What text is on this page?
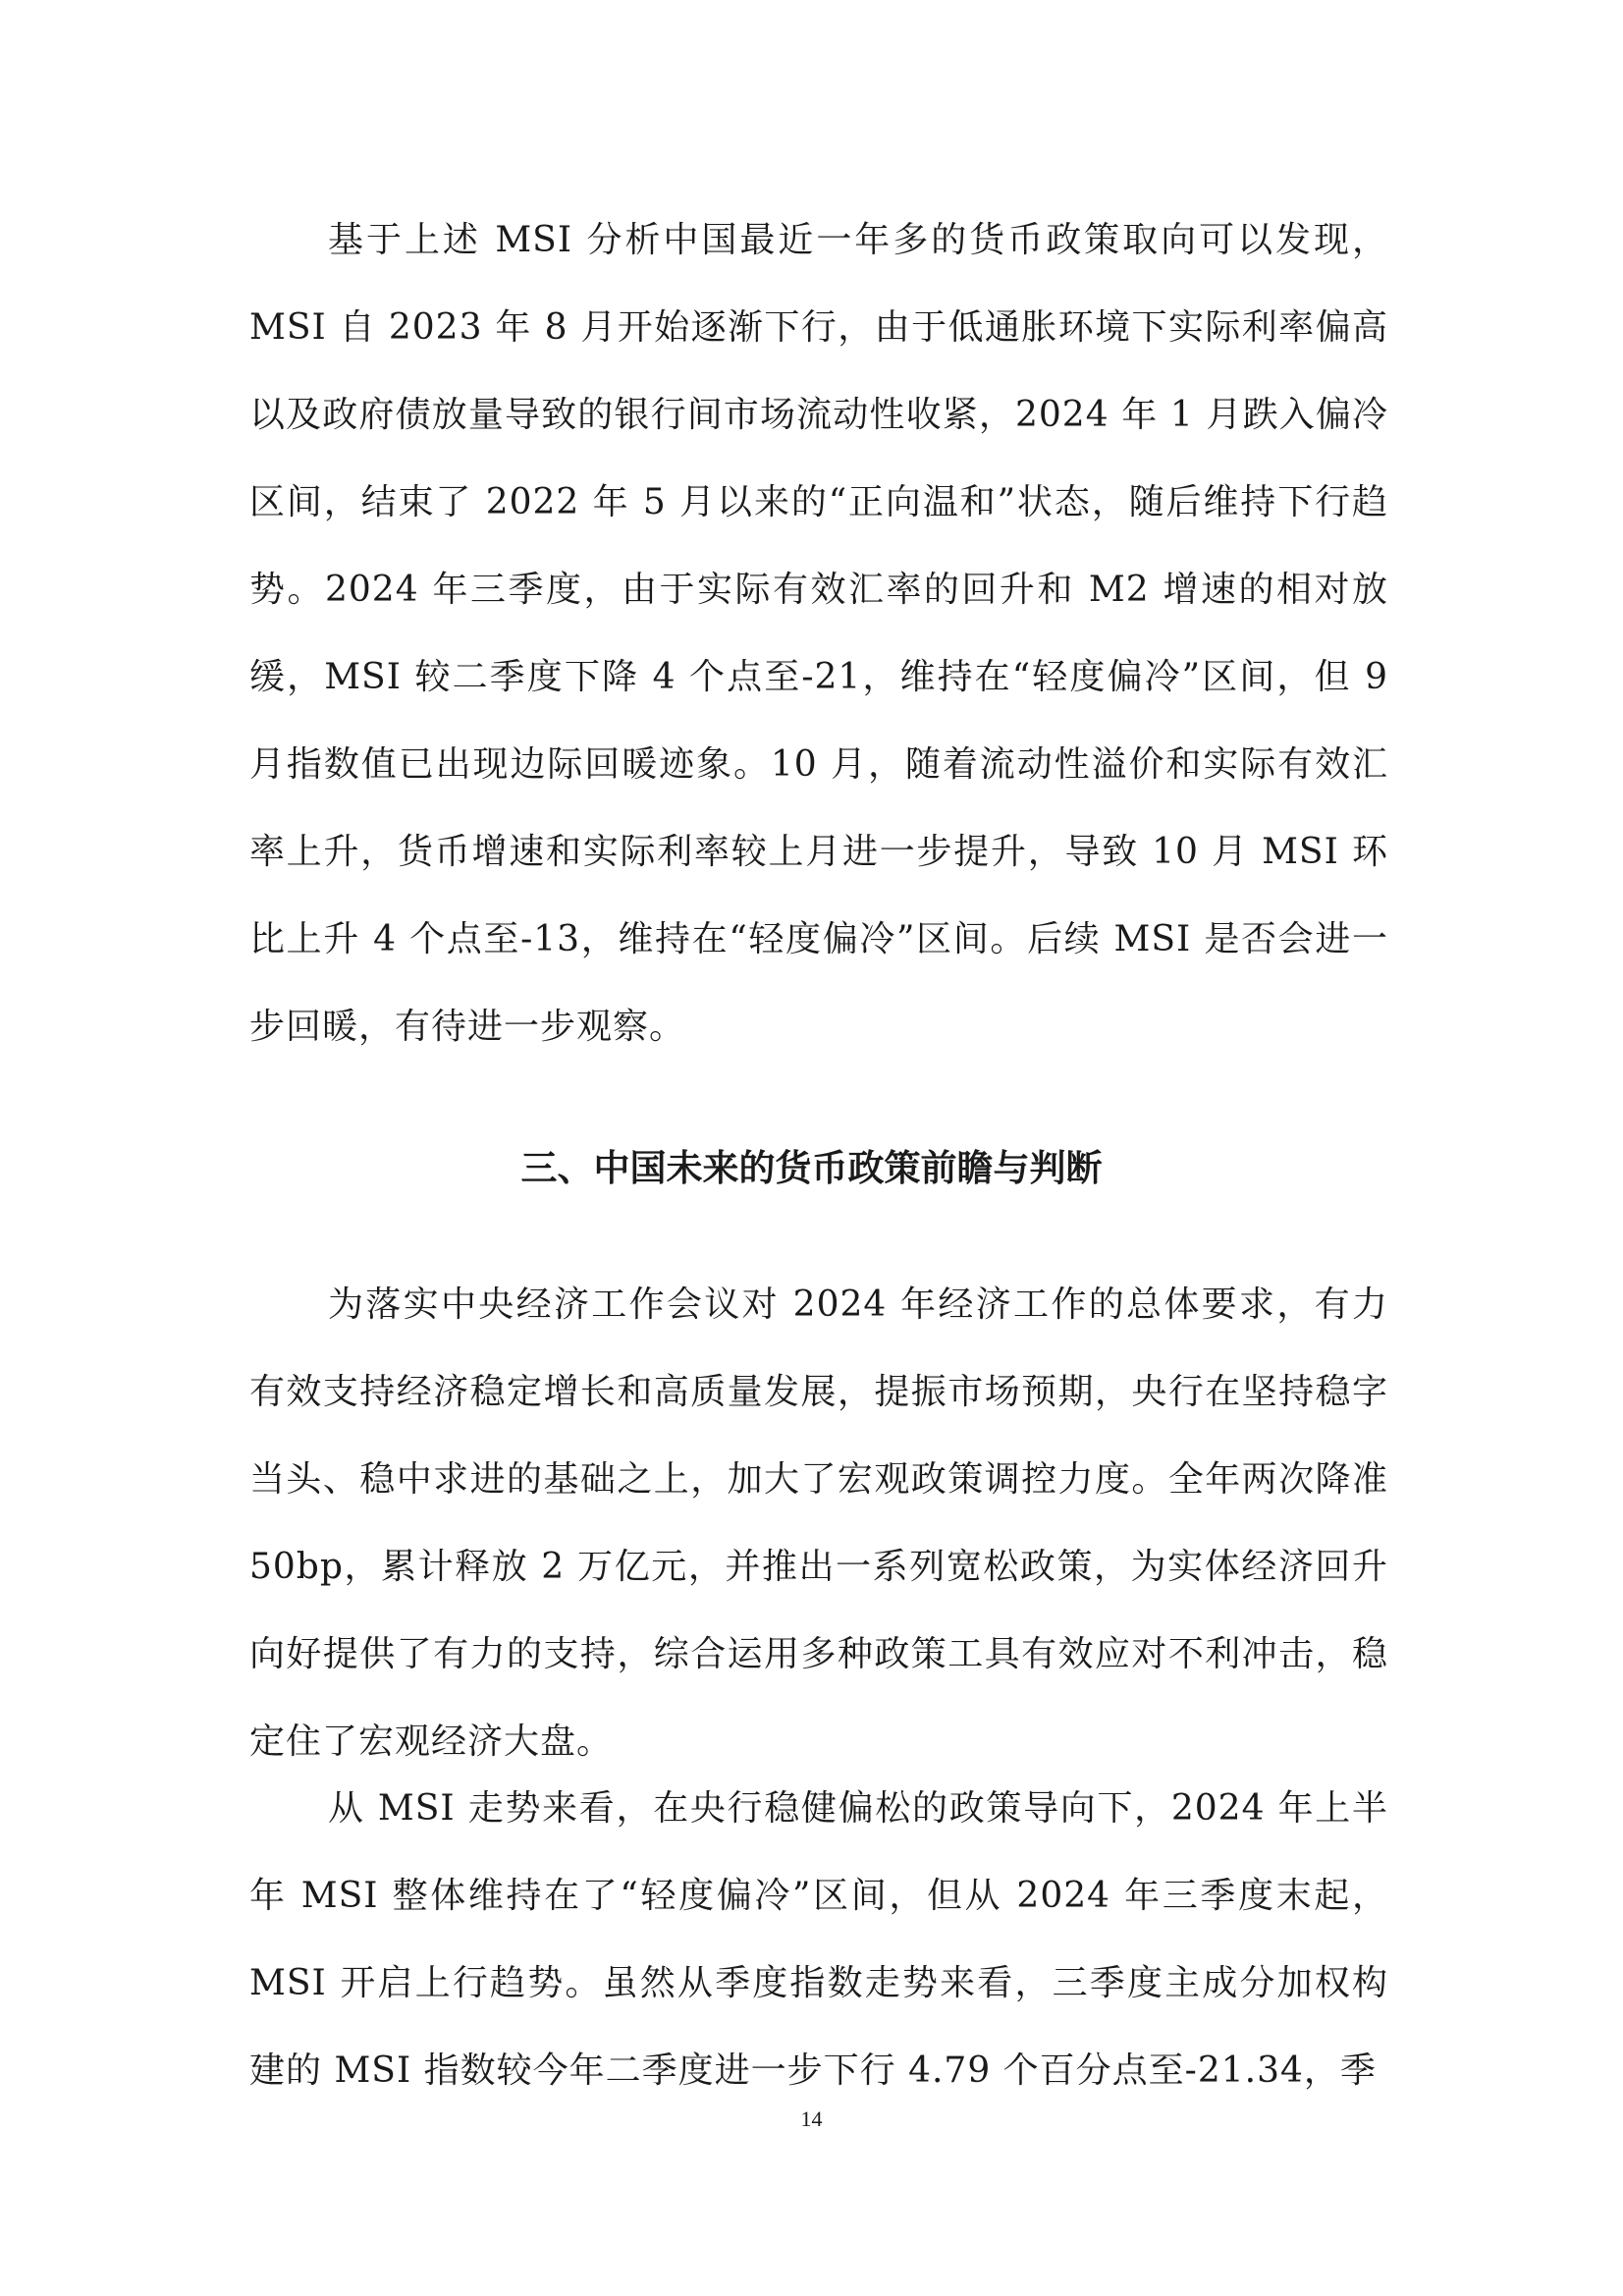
基于上述 MSI 分析中国最近一年多的货币政策取向可以发现，MSI 自 2023 年 8 月开始逐渐下行，由于低通胀环境下实际利率偏高以及政府债放量导致的银行间市场流动性收紧，2024 年 1 月跌入偏冷区间，结束了 2022 年 5 月以来的“正向温和”状态，随后维持下行趋势。2024 年三季度，由于实际有效汇率的回升和 M2 增速的相对放缓，MSI 较二季度下降 4 个点至-21，维持在“轻度偏冷”区间，但 9 月指数值已出现边际回暖迹象。10 月，随着流动性溢价和实际有效汇率上升，货币增速和实际利率较上月进一步提升，导致 10 月 MSI 环比上升 4 个点至-13，维持在“轻度偏冷”区间。后续 MSI 是否会进一步回暖，有待进一步观察。

三、中国未来的货币政策前瞻与判断

为落实中央经济工作会议对 2024 年经济工作的总体要求，有力有效支持经济稳定增长和高质量发展，提振市场预期，央行在坚持稳字当头、稳中求进的基础之上，加大了宏观政策调控力度。全年两次降准 50bp，累计释放 2 万亿元，并推出一系列宽松政策，为实体经济回升向好提供了有力的支持，综合运用多种政策工具有效应对不利冲击，稳定住了宏观经济大盘。

从 MSI 走势来看，在央行稳健偏松的政策导向下，2024 年上半年 MSI 整体维持在了“轻度偏冷”区间，但从 2024 年三季度末起，MSI 开启上行趋势。虽然从季度指数走势来看，三季度主成分加权构建的 MSI 指数较今年二季度进一步下行 4.79 个百分点至-21.34，季

14
